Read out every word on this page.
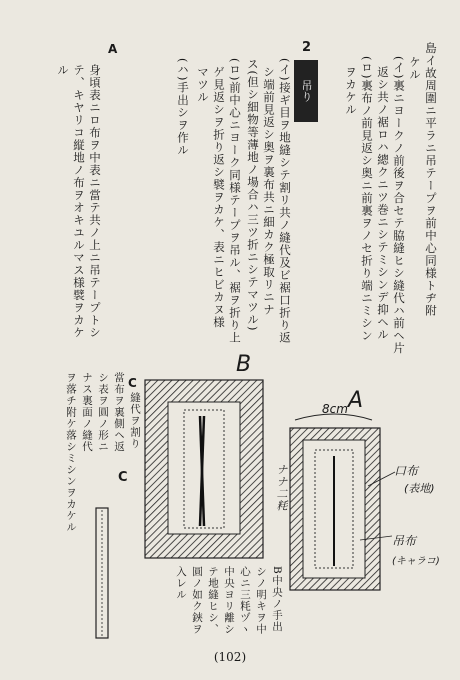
島イ故周圍ニ平ラニ吊テープヲ前中心同様トヂ附
ケル
(イ)裏ニヨークノ前後ヲ合セテ脇縫ヒシ縫代ハ前ヘ片
返シ共ノ裾ロハ總クニツ巻ニシテミシンデ抑ヘル
(ロ)裏布ノ前見返シ奥ニ前裏ヲノセ折り端ニミシン
ヲカケル
2
吊り
(イ)接ギ目ヲ地縫シテ割リ共ノ縫代及ビ裾口折り返
シ端前見返シ奥ヲ裏布共ニ細カク極取リニナ
ス(但シ細物等薄地ノ場合ハ三ツ折ニシテマツル)
(ロ)前中心ニヨーク同様テープヲ吊ル、裾ヲ折り上
ゲ見返シヲ折り返シ襞ヲカケ、表ニヒビカヌ様
マツル
(ハ)手出シヲ作ル
A
身頃表ニロ布ヲ中表ニ當テ共ノ上ニ吊テープトシ
テ、キヤリコ縦地ノ布ヲオキユルマス様襞ヲカケ
ル
C
縫代ヲ割り
當布ヲ裏側ヘ返
シ表ヲ圓ノ形ニ
ナス裏面ノ縫代
ヲ落チ附ケ落シミシンヲカケル
B中央ノ手出
シノ明キヲ中
心ニ三粍ヅヽ
中央ヨリ離シ
テ地縫ヒシ、
圓ノ如ク鋏ヲ
入レル
B
A
C
8cm
ナナ二粍	口布
(表地)
吊布
(キャラコ)
(102)
